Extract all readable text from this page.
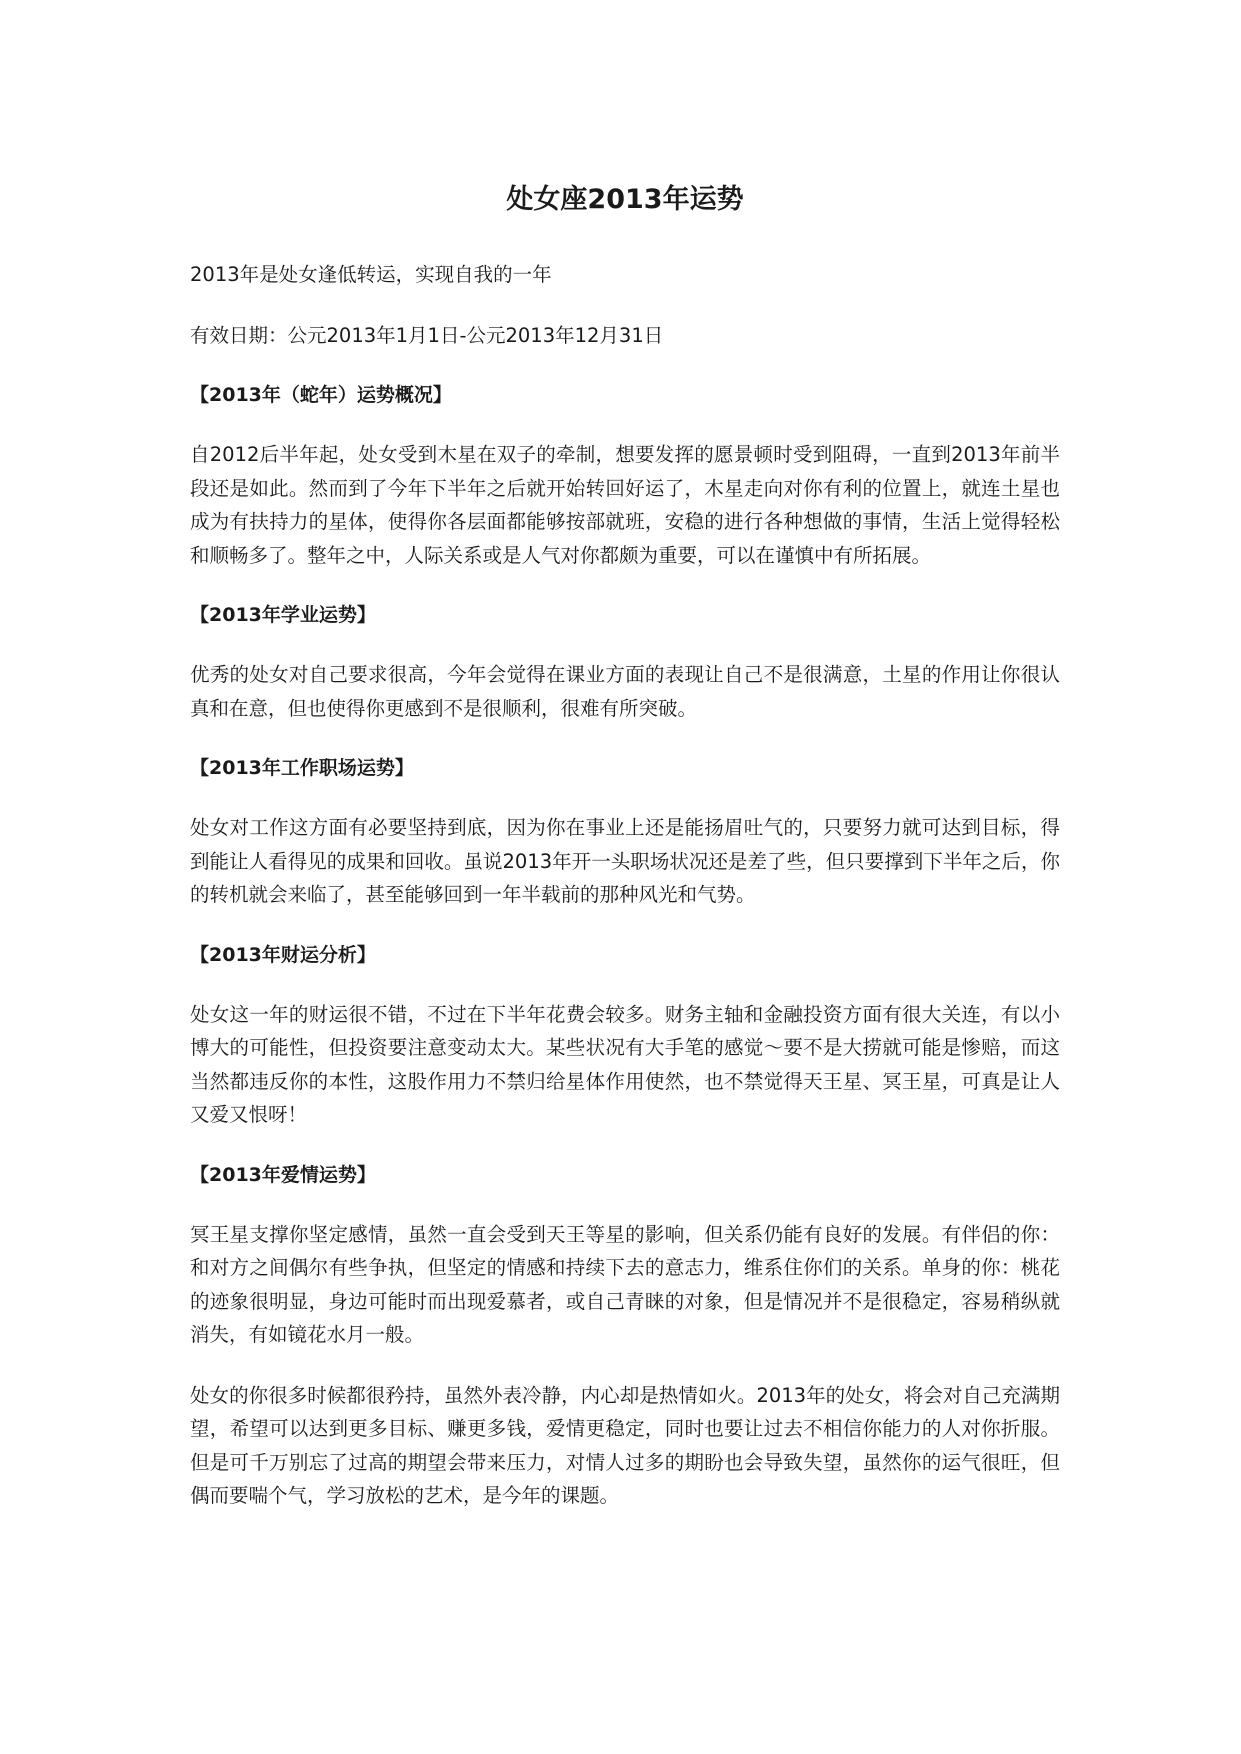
处女座2013年运势
2013年是处女逢低转运，实现自我的一年
有效日期：公元2013年1月1日-公元2013年12月31日
【2013年（蛇年）运势概况】
自2012后半年起，处女受到木星在双子的牵制，想要发挥的愿景顿时受到阻碍，一直到2013年前半段还是如此。然而到了今年下半年之后就开始转回好运了，木星走向对你有利的位置上，就连土星也成为有扶持力的星体，使得你各层面都能够按部就班，安稳的进行各种想做的事情，生活上觉得轻松和顺畅多了。整年之中，人际关系或是人气对你都颇为重要，可以在谨慎中有所拓展。
【2013年学业运势】
优秀的处女对自己要求很高，今年会觉得在课业方面的表现让自己不是很满意，土星的作用让你很认真和在意，但也使得你更感到不是很顺利，很难有所突破。
【2013年工作职场运势】
处女对工作这方面有必要坚持到底，因为你在事业上还是能扬眉吐气的，只要努力就可达到目标，得到能让人看得见的成果和回收。虽说2013年开一头职场状况还是差了些，但只要撑到下半年之后，你的转机就会来临了，甚至能够回到一年半载前的那种风光和气势。
【2013年财运分析】
处女这一年的财运很不错，不过在下半年花费会较多。财务主轴和金融投资方面有很大关连，有以小博大的可能性，但投资要注意变动太大。某些状况有大手笔的感觉～要不是大捞就可能是惨赔，而这当然都违反你的本性，这股作用力不禁归给星体作用使然，也不禁觉得天王星、冥王星，可真是让人又爱又恨呀！
【2013年爱情运势】
冥王星支撑你坚定感情，虽然一直会受到天王等星的影响，但关系仍能有良好的发展。有伴侣的你：和对方之间偶尔有些争执，但坚定的情感和持续下去的意志力，维系住你们的关系。单身的你：桃花的迹象很明显，身边可能时而出现爱慕者，或自己青睐的对象，但是情况并不是很稳定，容易稍纵就消失，有如镜花水月一般。
处女的你很多时候都很矜持，虽然外表冷静，内心却是热情如火。2013年的处女，将会对自己充满期望，希望可以达到更多目标、赚更多钱，爱情更稳定，同时也要让过去不相信你能力的人对你折服。但是可千万别忘了过高的期望会带来压力，对情人过多的期盼也会导致失望，虽然你的运气很旺，但偶而要喘个气，学习放松的艺术，是今年的课题。
